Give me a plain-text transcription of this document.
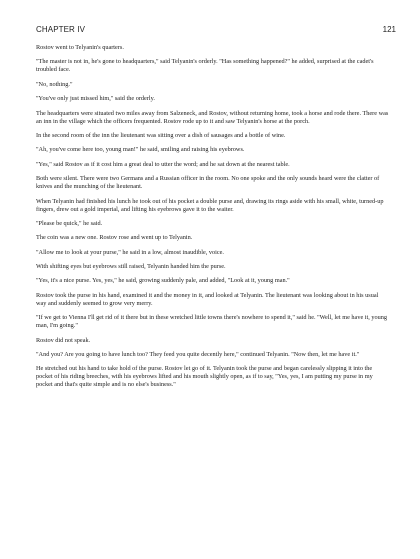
CHAPTER IV	121

Rostov went to Telyanin's quarters.

"The master is not in, he's gone to headquarters," said Telyanin's orderly. "Has something happened?" he added, surprised at the cadet's troubled face.

"No, nothing."

"You've only just missed him," said the orderly.

The headquarters were situated two miles away from Salzeneck, and Rostov, without returning home, took a horse and rode there. There was an inn in the village which the officers frequented. Rostov rode up to it and saw Telyanin's horse at the porch.

In the second room of the inn the lieutenant was sitting over a dish of sausages and a bottle of wine.

"Ah, you've come here too, young man!" he said, smiling and raising his eyebrows.

"Yes," said Rostov as if it cost him a great deal to utter the word; and he sat down at the nearest table.

Both were silent. There were two Germans and a Russian officer in the room. No one spoke and the only sounds heard were the clatter of knives and the munching of the lieutenant.

When Telyanin had finished his lunch he took out of his pocket a double purse and, drawing its rings aside with his small, white, turned-up fingers, drew out a gold imperial, and lifting his eyebrows gave it to the waiter.

"Please be quick," he said.

The coin was a new one. Rostov rose and went up to Telyanin.

"Allow me to look at your purse," he said in a low, almost inaudible, voice.

With shifting eyes but eyebrows still raised, Telyanin handed him the purse.

"Yes, it's a nice purse. Yes, yes," he said, growing suddenly pale, and added, "Look at it, young man."

Rostov took the purse in his hand, examined it and the money in it, and looked at Telyanin. The lieutenant was looking about in his usual way and suddenly seemed to grow very merry.

"If we get to Vienna I'll get rid of it there but in these wretched little towns there's nowhere to spend it," said he. "Well, let me have it, young man, I'm going."

Rostov did not speak.

"And you? Are you going to have lunch too? They feed you quite decently here," continued Telyanin. "Now then, let me have it."

He stretched out his hand to take hold of the purse. Rostov let go of it. Telyanin took the purse and began carelessly slipping it into the pocket of his riding breeches, with his eyebrows lifted and his mouth slightly open, as if to say, "Yes, yes, I am putting my purse in my pocket and that's quite simple and is no else's business."
